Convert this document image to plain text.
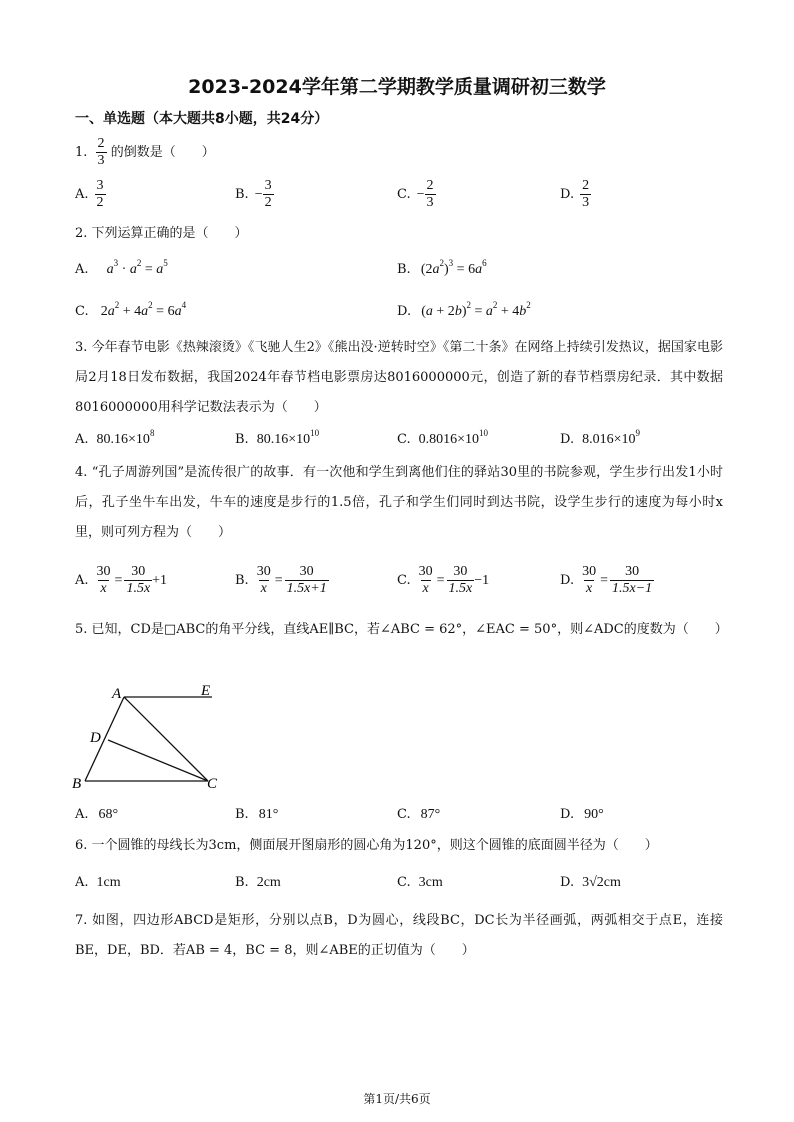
2023-2024学年第二学期教学质量调研初三数学
一、单选题（本大题共8小题，共24分）
1. $\frac{2}{3}$ 的倒数是（　　）
2. 下列运算正确的是（　　）
A. $a^3 \cdot a^2 = a^5$	B. $(2a^2)^3 = 6a^6$
C. $2a^2 + 4a^2 = 6a^4$	D. $(a + 2b)^2 = a^2 + 4b^2$
3. 今年春节电影《热辣滚烫》《飞驰人生2》《熊出没·逆转时空》《第二十条》在网络上持续引发热议，据国家电影局2月18日发布数据，我国2024年春节档电影票房达8016000000元，创造了新的春节档票房纪录．其中数据8016000000用科学记数法表示为（　　）
4. “孔子周游列国”是流传很广的故事．有一次他和学生到离他们住的驿站30里的书院参观，学生步行出发1小时后，孔子坐牛车出发，牛车的速度是步行的1.5倍，孔子和学生们同时到达书院，设学生步行的速度为每小时x里，则可列方程为（　　）
5. 已知，CD是□ABC的角平分线，直线AE∥BC，若∠ABC = 62°，∠EAC = 50°，则∠ADC的度数为（　　）
A	E
D
B	C
6. 一个圆锥的母线长为3cm，侧面展开图扇形的圆心角为120°，则这个圆锥的底面圆半径为（　　）
7. 如图，四边形ABCD是矩形，分别以点B，D为圆心，线段BC，DC长为半径画弧，两弧相交于点E，连接BE，DE，BD．若AB = 4，BC = 8，则∠ABE的正切值为（　　）
第1页/共6页
A. $\frac{3}{2}$	B. − $\frac{3}{2}$	C. − $\frac{2}{3}$	D. $\frac{2}{3}$
A. $80.16\times 10^8$	B. $80.16\times 10^{10}$	C. $0.8016\times 10^{10}$	D. $8.016\times 10^9$
A. $\frac{30}{x} = \frac{30}{1.5x} +1$	B. $\frac{30}{x} = \frac{30}{1.5x+1}$	C. $\frac{30}{x} = \frac{30}{1.5x} -1$	D. $\frac{30}{x} = \frac{30}{1.5x-1}$
A. 68°	B. 81°	C. 87°	D. 90°
A. 1cm	B. 2cm	C. 3cm	D. 3√2cm
